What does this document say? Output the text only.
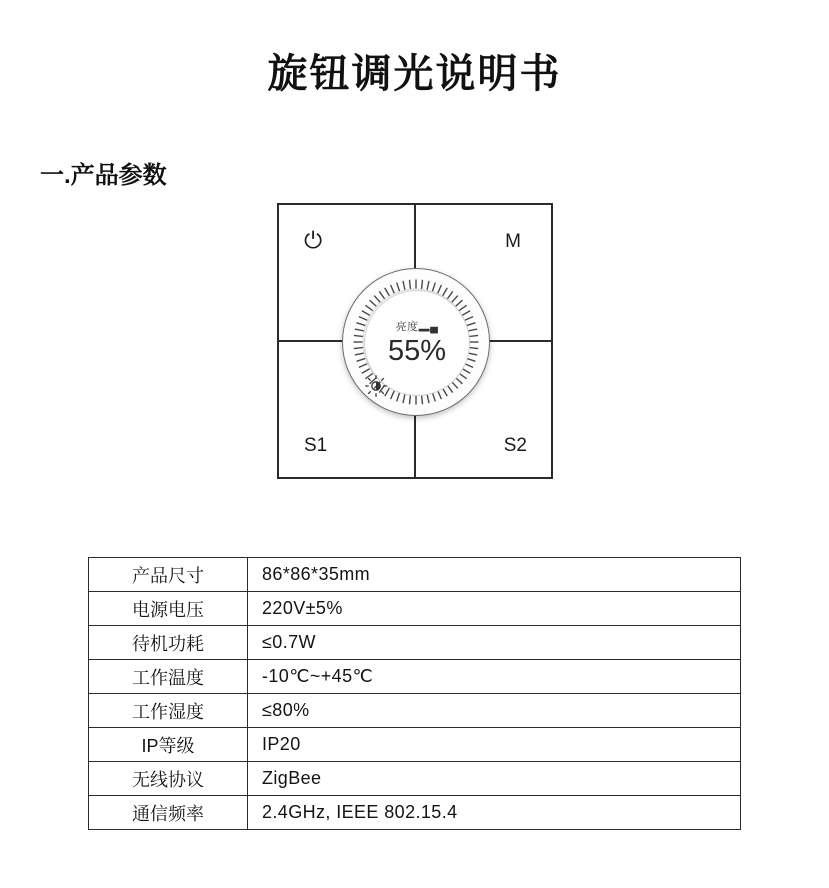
旋钮调光说明书
一.产品参数
⏻	M
S1	S2
亮度▂▄
55%
产品尺寸	86*86*35mm
电源电压	220V±5%
待机功耗	≤0.7W
工作温度	-10℃~+45℃
工作湿度	≤80%
IP等级	IP20
无线协议	ZigBee
通信频率	2.4GHz, IEEE 802.15.4
